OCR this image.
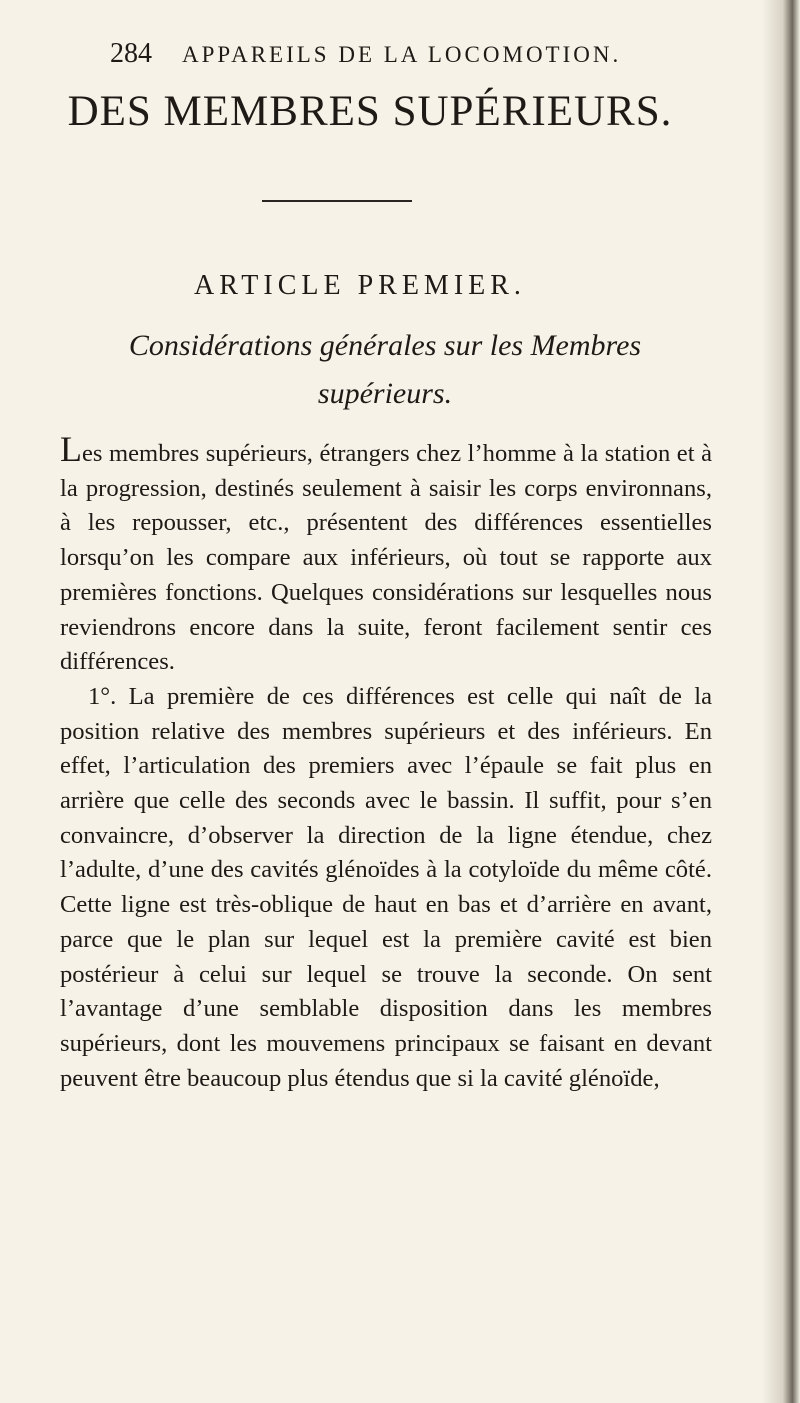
284 APPAREILS DE LA LOCOMOTION.
DES MEMBRES SUPÉRIEURS.
ARTICLE PREMIER.
Considérations générales sur les Membres supérieurs.

Les membres supérieurs, étrangers chez l’homme à la station et à la progression, destinés seulement à saisir les corps environnans, à les repousser, etc., présentent des différences essentielles lorsqu’on les compare aux inférieurs, où tout se rapporte aux premières fonctions. Quelques considérations sur lesquelles nous reviendrons encore dans la suite, feront facilement sentir ces différences.

1°. La première de ces différences est celle qui naît de la position relative des membres supérieurs et des inférieurs. En effet, l’articulation des premiers avec l’épaule se fait plus en arrière que celle des seconds avec le bassin. Il suffit, pour s’en convaincre, d’observer la direction de la ligne étendue, chez l’adulte, d’une des cavités glénoïdes à la cotyloïde du même côté. Cette ligne est très-oblique de haut en bas et d’arrière en avant, parce que le plan sur lequel est la première cavité est bien postérieur à celui sur lequel se trouve la seconde. On sent l’avantage d’une semblable disposition dans les membres supérieurs, dont les mouvemens principaux se faisant en devant peuvent être beaucoup plus étendus que si la cavité glénoïde,
